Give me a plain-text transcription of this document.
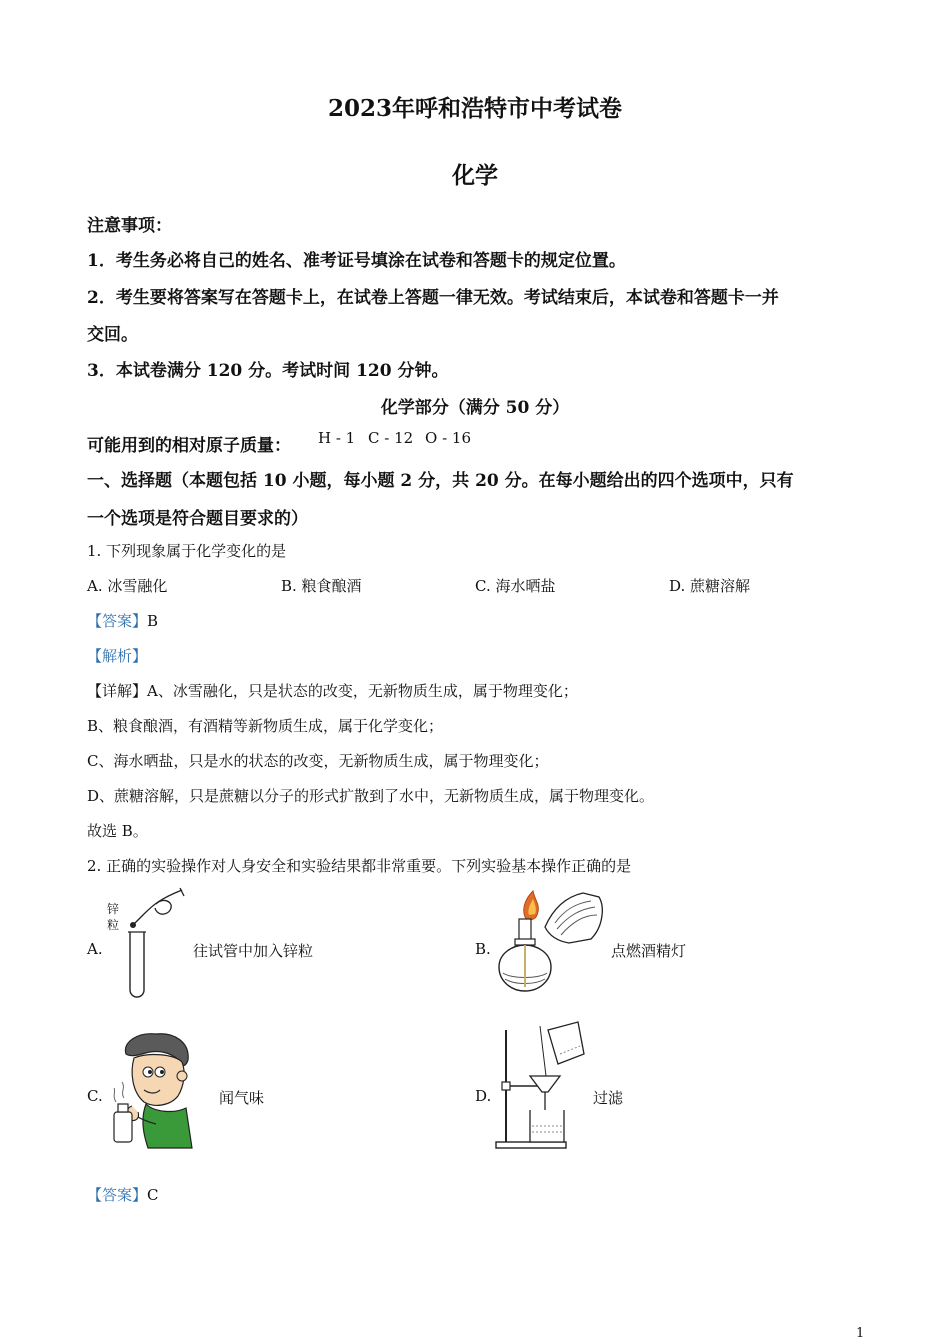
2023年呼和浩特市中考试卷
化学
注意事项：
1．考生务必将自己的姓名、准考证号填涂在试卷和答题卡的规定位置。
2．考生要将答案写在答题卡上，在试卷上答题一律无效。考试结束后，本试卷和答题卡一并
交回。
3．本试卷满分 120 分。考试时间 120 分钟。
化学部分（满分 50 分）
可能用到的相对原子质量： H - 1 C - 12 O - 16
一、选择题（本题包括 10 小题，每小题 2 分，共 20 分。在每小题给出的四个选项中，只有
一个选项是符合题目要求的）
1. 下列现象属于化学变化的是
A. 冰雪融化	B. 粮食酿酒	C. 海水晒盐	D. 蔗糖溶解
【答案】B
【解析】
【详解】A、冰雪融化，只是状态的改变，无新物质生成，属于物理变化；
B、粮食酿酒，有酒精等新物质生成，属于化学变化；
C、海水晒盐，只是水的状态的改变，无新物质生成，属于物理变化；
D、蔗糖溶解，只是蔗糖以分子的形式扩散到了水中，无新物质生成，属于物理变化。
故选 B。
2. 正确的实验操作对人身安全和实验结果都非常重要。下列实验基本操作正确的是
A.
锌
粒
往试管中加入锌粒	B.	点燃酒精灯
C.	闻气味	D.	过滤
【答案】C
1
